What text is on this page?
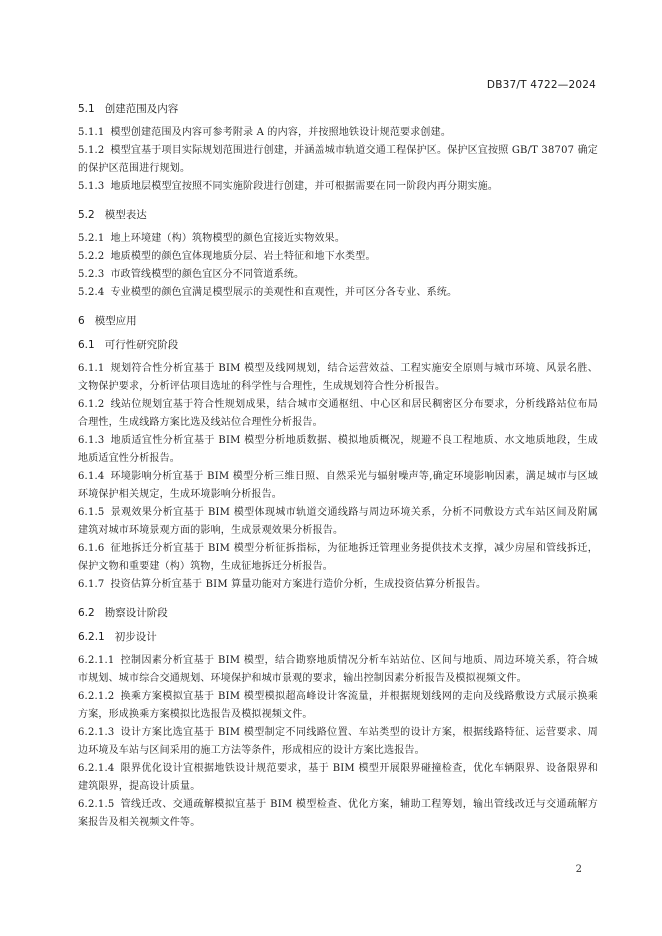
DB37/T 4722—2024

5.1 创建范围及内容

5.1.1 模型创建范围及内容可参考附录 A 的内容，并按照地铁设计规范要求创建。

5.1.2 模型宜基于项目实际规划范围进行创建，并涵盖城市轨道交通工程保护区。保护区宜按照 GB/T 38707 确定的保护区范围进行规划。

5.1.3 地质地层模型宜按照不同实施阶段进行创建，并可根据需要在同一阶段内再分期实施。

5.2 模型表达

5.2.1 地上环境建（构）筑物模型的颜色宜接近实物效果。

5.2.2 地质模型的颜色宜体现地质分层、岩土特征和地下水类型。

5.2.3 市政管线模型的颜色宜区分不同管道系统。

5.2.4 专业模型的颜色宜满足模型展示的美观性和直观性，并可区分各专业、系统。

6 模型应用

6.1 可行性研究阶段

6.1.1 规划符合性分析宜基于 BIM 模型及线网规划，结合运营效益、工程实施安全原则与城市环境、风景名胜、文物保护要求，分析评估项目选址的科学性与合理性，生成规划符合性分析报告。

6.1.2 线站位规划宜基于符合性规划成果，结合城市交通枢纽、中心区和居民稠密区分布要求，分析线路站位布局合理性，生成线路方案比选及线站位合理性分析报告。

6.1.3 地质适宜性分析宜基于 BIM 模型分析地质数据、模拟地质概况，规避不良工程地质、水文地质地段，生成地质适宜性分析报告。

6.1.4 环境影响分析宜基于 BIM 模型分析三维日照、自然采光与辐射噪声等,确定环境影响因素，满足城市与区域环境保护相关规定，生成环境影响分析报告。

6.1.5 景观效果分析宜基于 BIM 模型体现城市轨道交通线路与周边环境关系，分析不同敷设方式车站区间及附属建筑对城市环境景观方面的影响，生成景观效果分析报告。

6.1.6 征地拆迁分析宜基于 BIM 模型分析征拆指标，为征地拆迁管理业务提供技术支撑，减少房屋和管线拆迁，保护文物和重要建（构）筑物，生成征地拆迁分析报告。

6.1.7 投资估算分析宜基于 BIM 算量功能对方案进行造价分析，生成投资估算分析报告。

6.2 勘察设计阶段

6.2.1 初步设计

6.2.1.1 控制因素分析宜基于 BIM 模型，结合勘察地质情况分析车站站位、区间与地质、周边环境关系，符合城市规划、城市综合交通规划、环境保护和城市景观的要求，输出控制因素分析报告及模拟视频文件。

6.2.1.2 换乘方案模拟宜基于 BIM 模型模拟超高峰设计客流量，并根据规划线网的走向及线路敷设方式展示换乘方案，形成换乘方案模拟比选报告及模拟视频文件。

6.2.1.3 设计方案比选宜基于 BIM 模型制定不同线路位置、车站类型的设计方案，根据线路特征、运营要求、周边环境及车站与区间采用的施工方法等条件，形成相应的设计方案比选报告。

6.2.1.4 限界优化设计宜根据地铁设计规范要求，基于 BIM 模型开展限界碰撞检查，优化车辆限界、设备限界和建筑限界，提高设计质量。

6.2.1.5 管线迁改、交通疏解模拟宜基于 BIM 模型检查、优化方案，辅助工程筹划，输出管线改迁与交通疏解方案报告及相关视频文件等。

2
